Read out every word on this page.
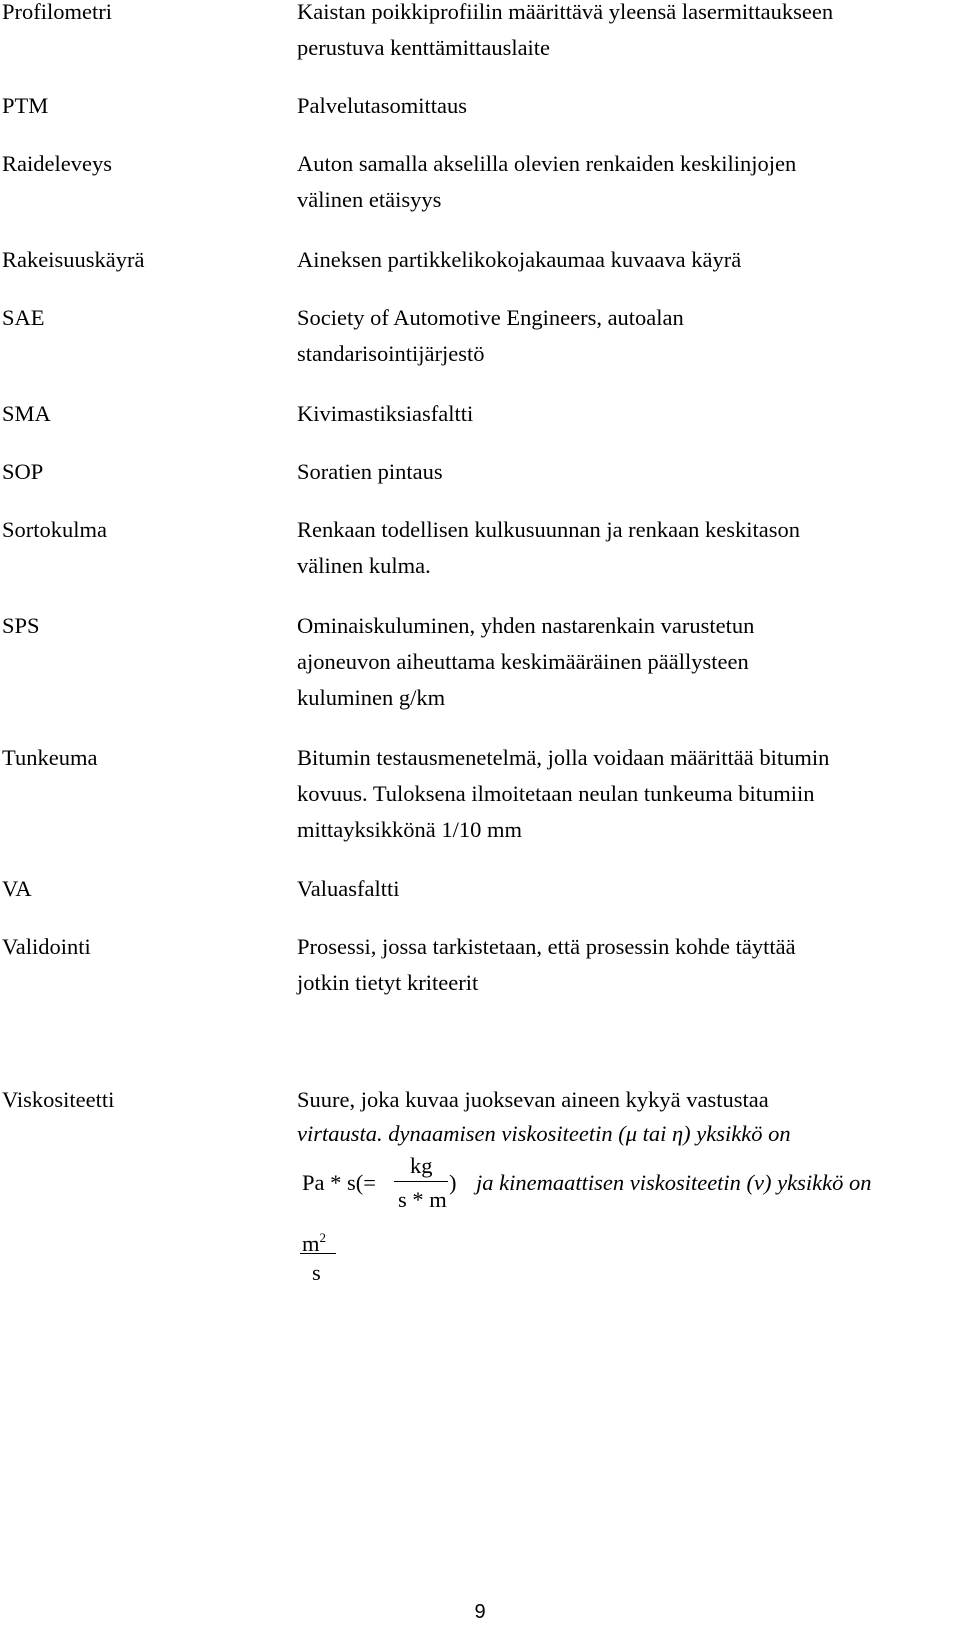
Profilometri	Kaistan poikkiprofiilin määrittävä yleensä lasermittaukseen

perustuva kenttämittauslaite

PTM	Palvelutasomittaus

Raideleveys	Auton samalla akselilla olevien renkaiden keskilinjojen

välinen etäisyys

Rakeisuuskäyrä	Aineksen partikkelikokojakaumaa kuvaava käyrä

SAE	Society of Automotive Engineers, autoalan

standarisointijärjestö

SMA	Kivimastiksiasfaltti

SOP	Soratien pintaus

Sortokulma	Renkaan todellisen kulkusuunnan ja renkaan keskitason

välinen kulma.

SPS	Ominaiskuluminen, yhden nastarenkain varustetun

ajoneuvon aiheuttama keskimääräinen päällysteen

kuluminen g/km

Tunkeuma	Bitumin testausmenetelmä, jolla voidaan määrittää bitumin

kovuus. Tuloksena ilmoitetaan neulan tunkeuma bitumiin

mittayksikkönä 1/10 mm

VA	Valuasfaltti

Validointi	Prosessi, jossa tarkistetaan, että prosessin kohde täyttää

jotkin tietyt kriteerit

Viskositeetti	Suure, joka kuvaa juoksevan aineen kykyä vastustaa

virtausta. dynaamisen viskositeetin (μ tai η) yksikkö on

Pa * s(=
kg
s * m
) ja kinemaattisen viskositeetin (v) yksikkö on
$m^2$
s
9
